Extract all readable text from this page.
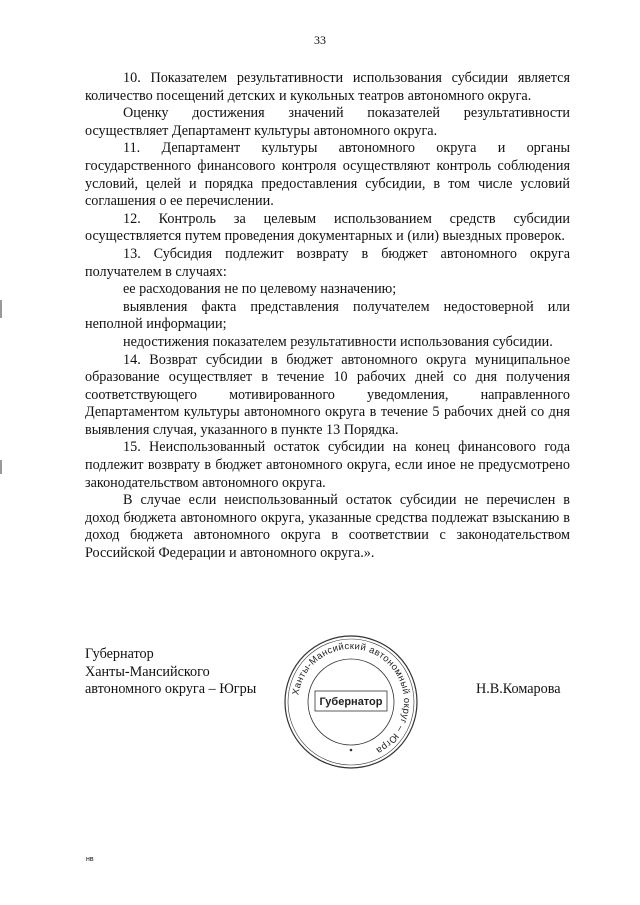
33

10. Показателем результативности использования субсидии является количество посещений детских и кукольных театров автономного округа.

Оценку достижения значений показателей результативности осуществляет Департамент культуры автономного округа.

11. Департамент культуры автономного округа и органы государственного финансового контроля осуществляют контроль соблюдения условий, целей и порядка предоставления субсидии, в том числе условий соглашения о ее перечислении.

12. Контроль за целевым использованием средств субсидии осуществляется путем проведения документарных и (или) выездных проверок.

13. Субсидия подлежит возврату в бюджет автономного округа получателем в случаях:

ее расходования не по целевому назначению;

выявления факта представления получателем недостоверной или неполной информации;

недостижения показателем результативности использования субсидии.

14. Возврат субсидии в бюджет автономного округа муниципальное образование осуществляет в течение 10 рабочих дней со дня получения соответствующего мотивированного уведомления, направленного Департаментом культуры автономного округа в течение 5 рабочих дней со дня выявления случая, указанного в пункте 13 Порядка.

15. Неиспользованный остаток субсидии на конец финансового года подлежит возврату в бюджет автономного округа, если иное не предусмотрено законодательством автономного округа.

В случае если неиспользованный остаток субсидии не перечислен в доход бюджета автономного округа, указанные средства подлежат взысканию в доход бюджета автономного округа в соответствии с законодательством Российской Федерации и автономного округа.».

Губернатор
Ханты-Мансийского
автономного округа – Югры	Ханты-Мансийский автономный округ – Югра
Губернатор
Н.В.Комарова
нв
